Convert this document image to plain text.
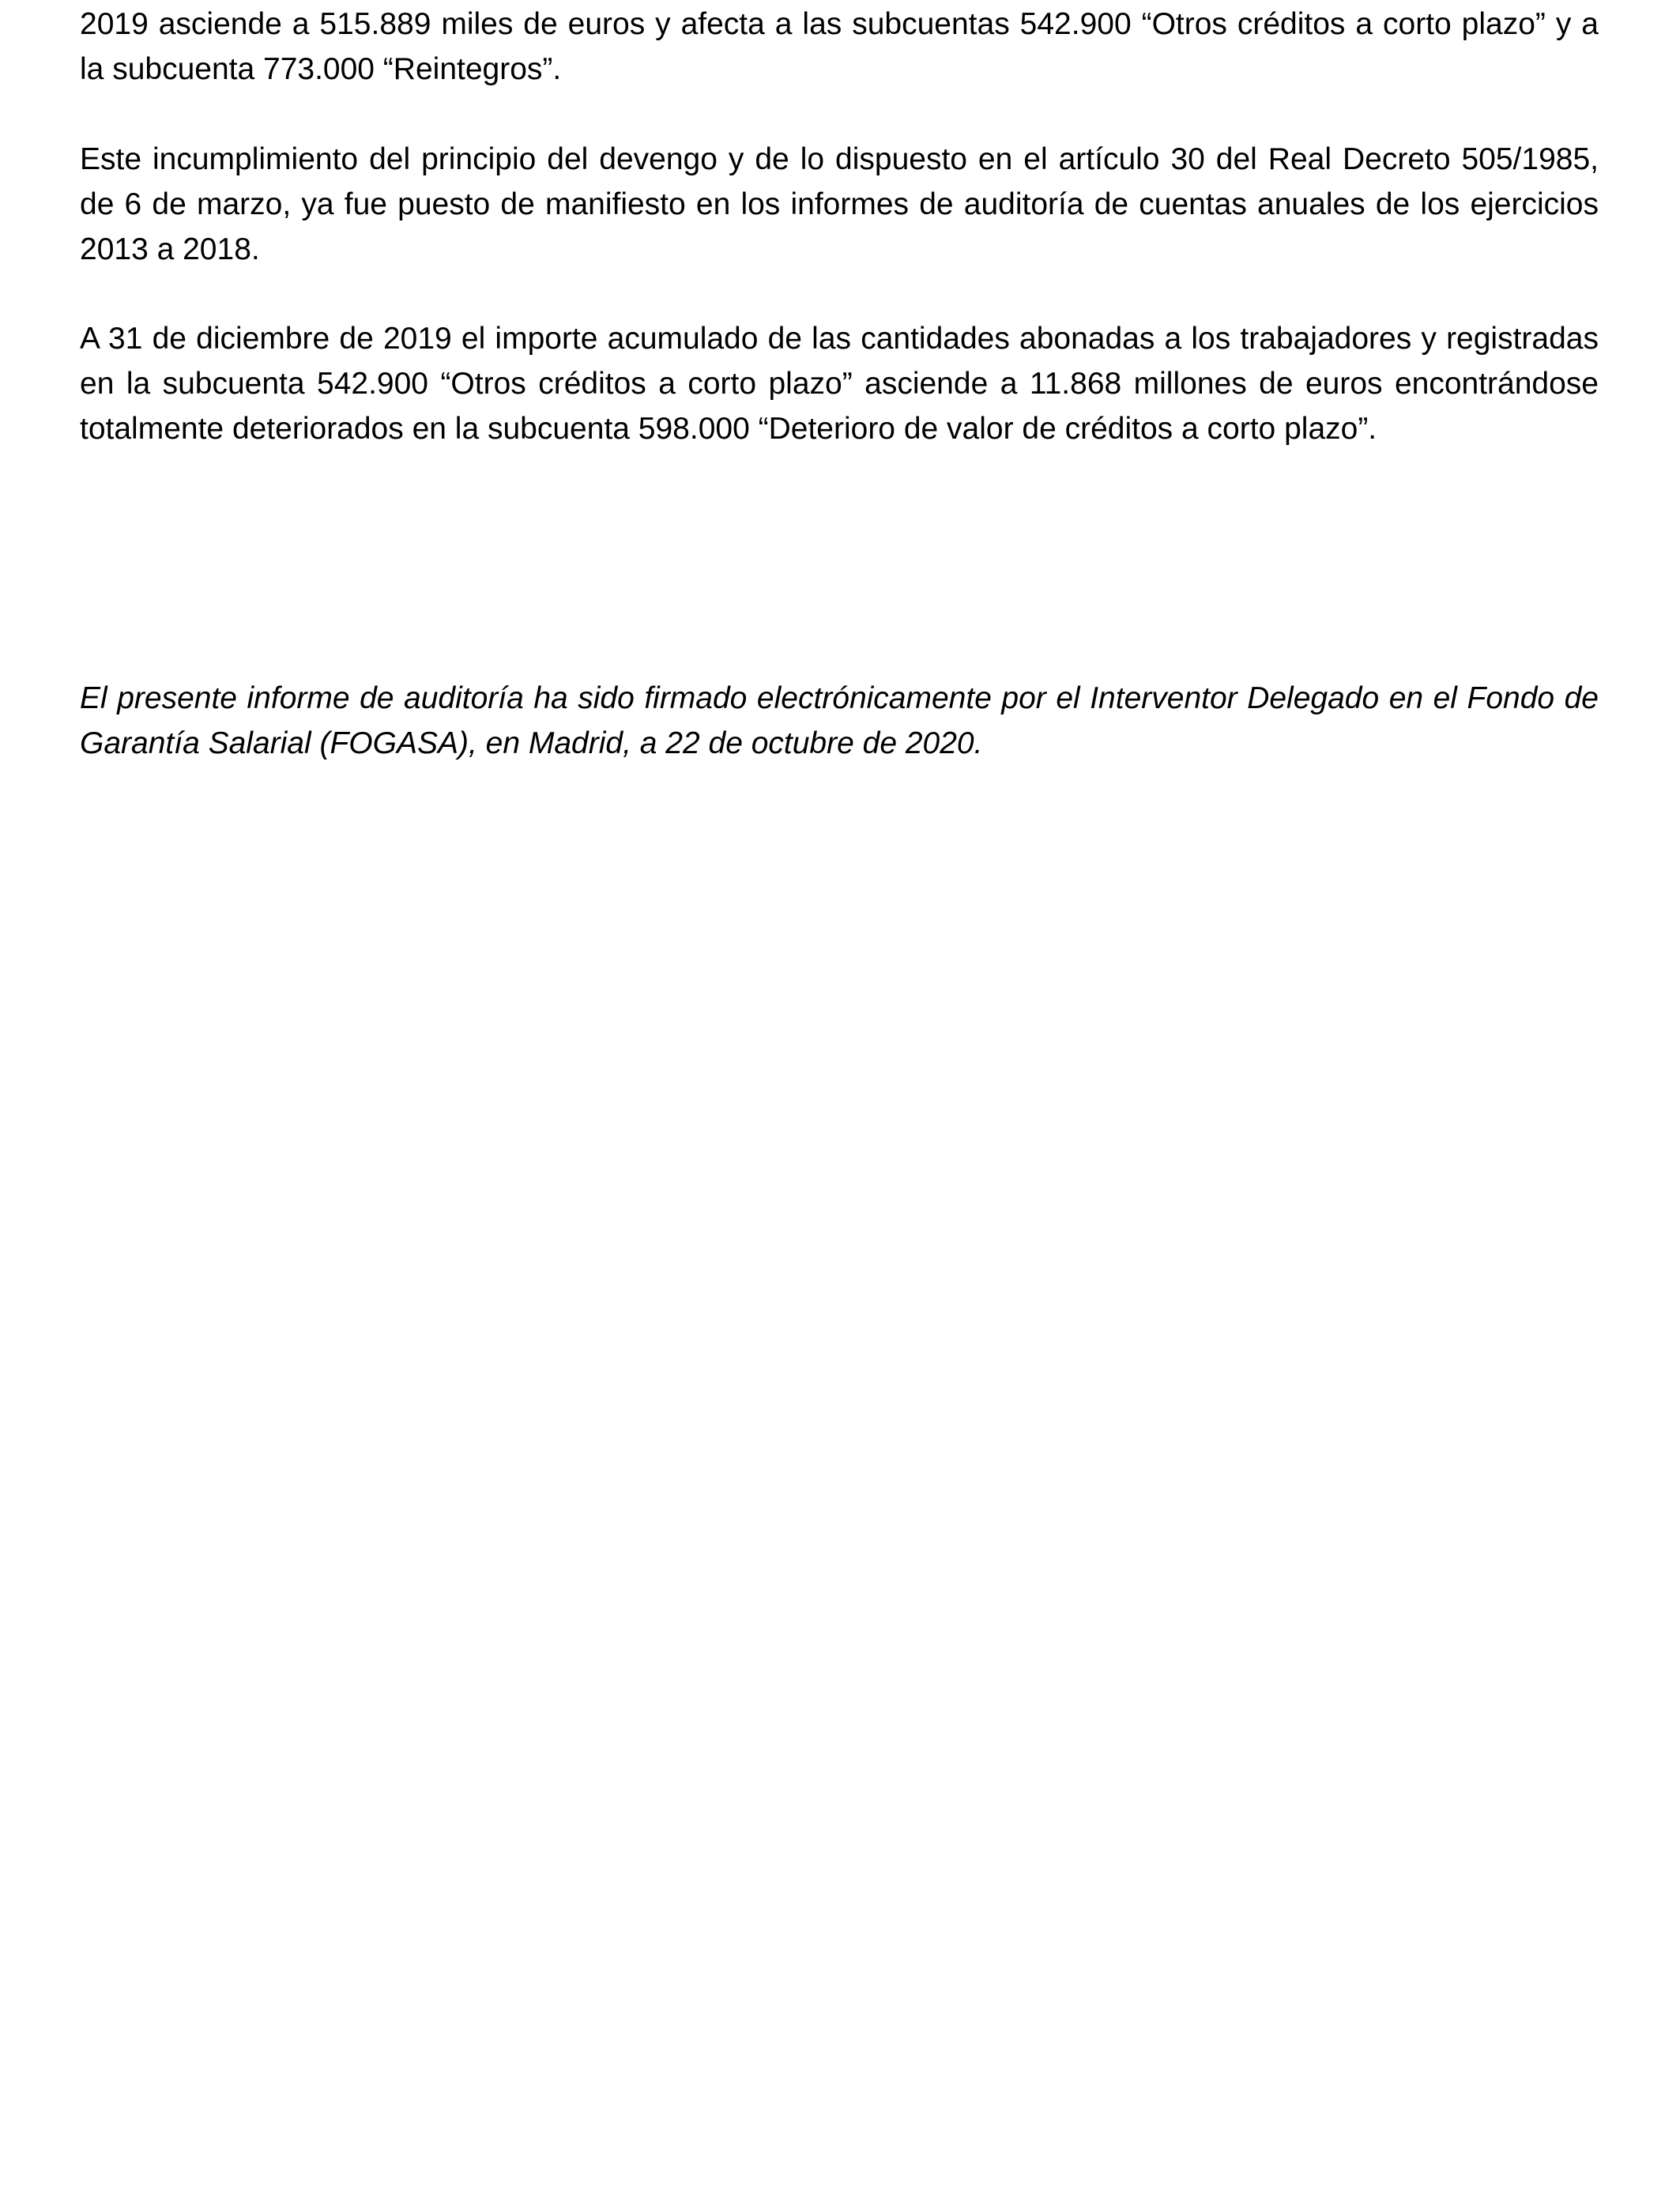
2019 asciende a 515.889 miles de euros y afecta a las subcuentas 542.900 “Otros créditos a corto plazo” y a la subcuenta 773.000 “Reintegros”.

Este incumplimiento del principio del devengo y de lo dispuesto en el artículo 30 del Real Decreto 505/1985, de 6 de marzo, ya fue puesto de manifiesto en los informes de auditoría de cuentas anuales de los ejercicios 2013 a 2018.

A 31 de diciembre de 2019 el importe acumulado de las cantidades abonadas a los trabajadores y registradas en la subcuenta 542.900 “Otros créditos a corto plazo” asciende a 11.868 millones de euros encontrándose totalmente deteriorados en la subcuenta 598.000 “Deterioro de valor de créditos a corto plazo”.

El presente informe de auditoría ha sido firmado electrónicamente por el Interventor Delegado en el Fondo de Garantía Salarial (FOGASA), en Madrid, a 22 de octubre de 2020.
